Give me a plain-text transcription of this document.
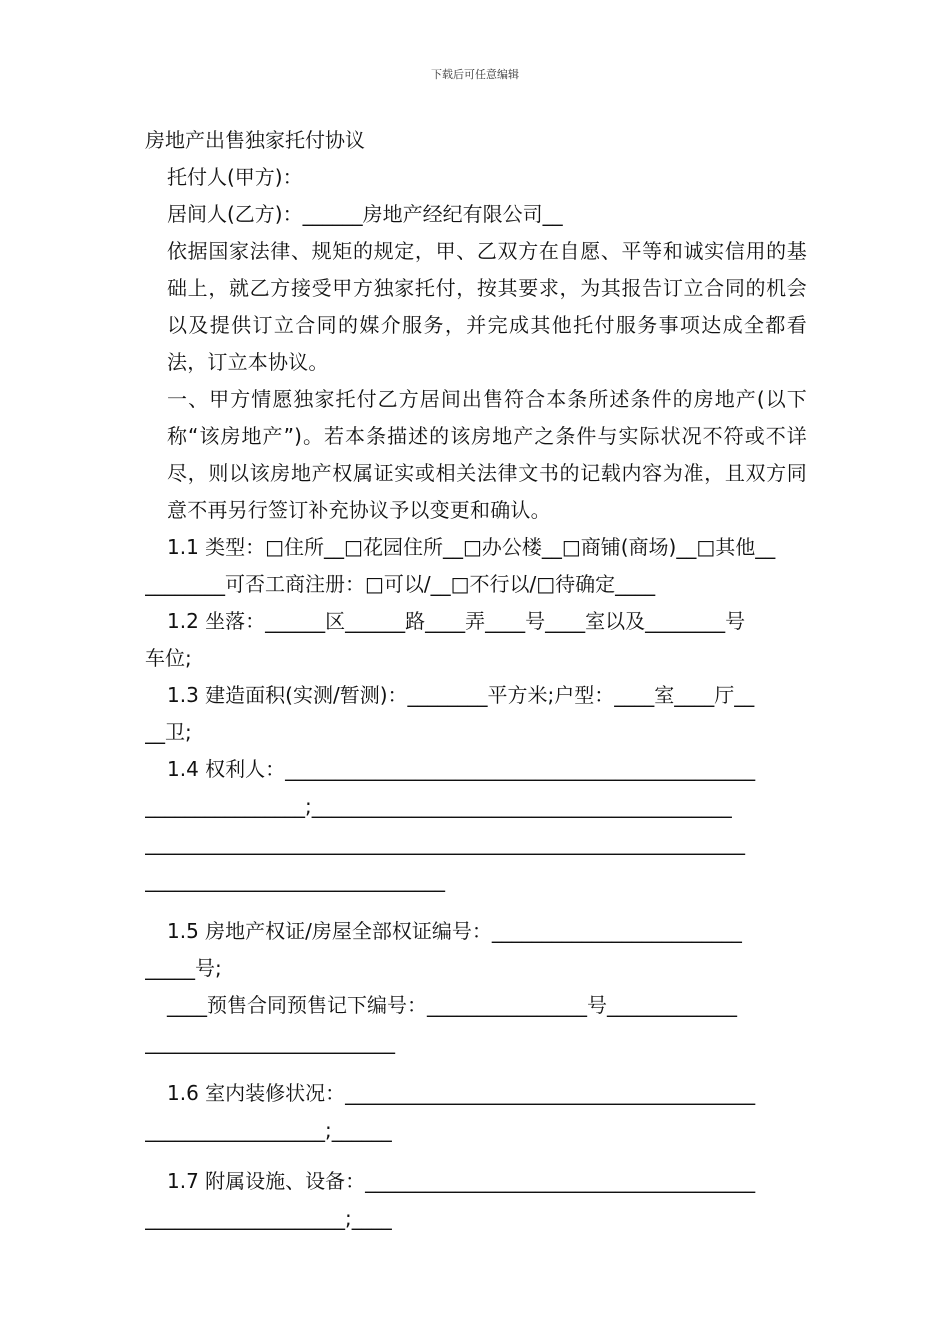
下载后可任意编辑

房地产出售独家托付协议

托付人(甲方)：

居间人(乙方)：______房地产经纪有限公司__

依据国家法律、规矩的规定，甲、乙双方在自愿、平等和诚实信用的基础上，就乙方接受甲方独家托付，按其要求，为其报告订立合同的机会以及提供订立合同的媒介服务，并完成其他托付服务事项达成全都看法，订立本协议。

一、甲方情愿独家托付乙方居间出售符合本条所述条件的房地产(以下称“该房地产”)。若本条描述的该房地产之条件与实际状况不符或不详尽，则以该房地产权属证实或相关法律文书的记载内容为准，且双方同意不再另行签订补充协议予以变更和确认。

1.1 类型：□住所__□花园住所__□办公楼__□商铺(商场)__□其他__

________可否工商注册：□可以/__□不行以/□待确定____

1.2 坐落：______区______路____弄____号____室以及________号

车位;

1.3 建造面积(实测/暂测)：________平方米;户型：____室____厅__

__卫;

1.4 权利人：_______________________________________________

________________;__________________________________________

____________________________________________________________

______________________________

1.5 房地产权证/房屋全部权证编号：_________________________

_____号;

____预售合同预售记下编号：________________号_____________

_________________________

1.6 室内装修状况：_________________________________________

__________________;______

1.7 附属设施、设备：_______________________________________

____________________;____
